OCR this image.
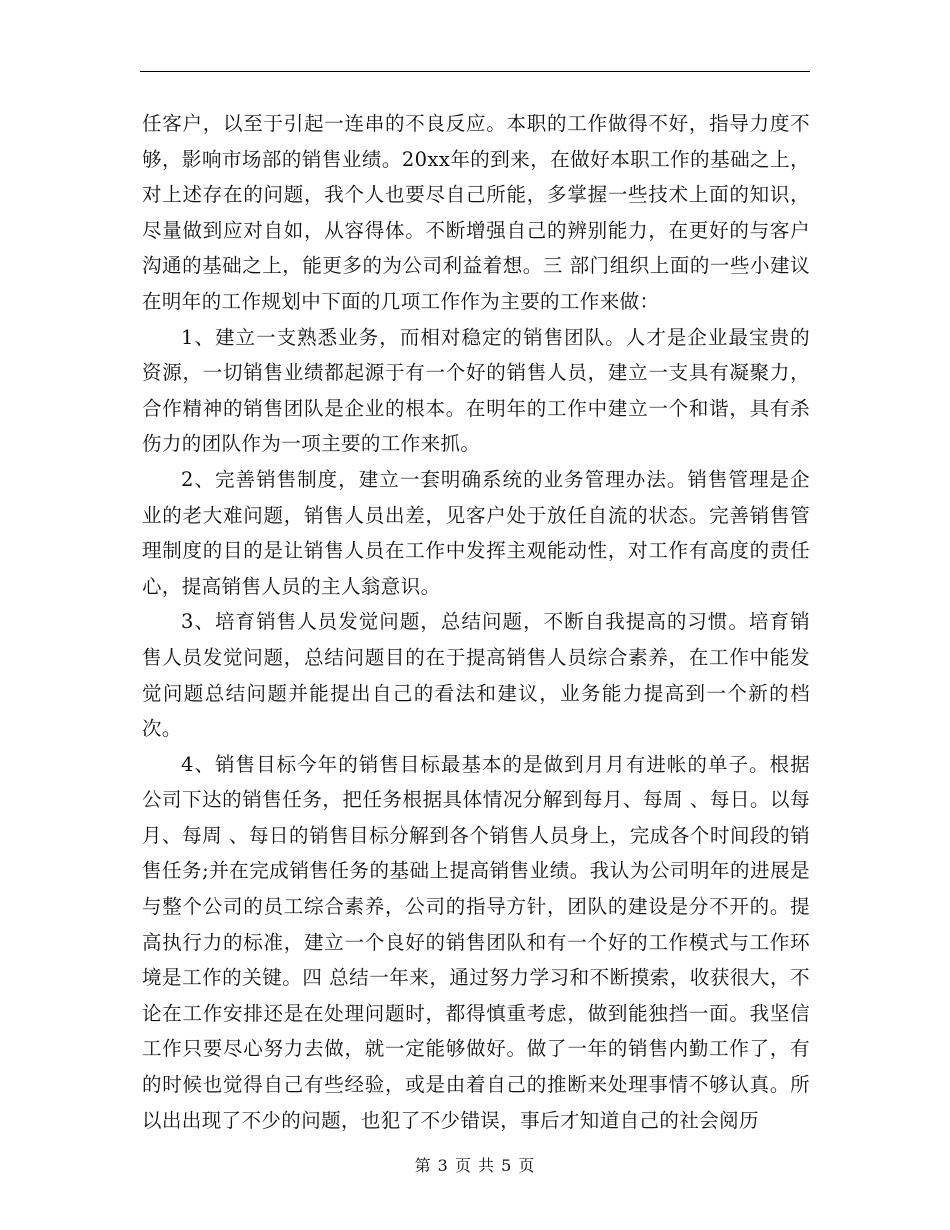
任客户，以至于引起一连串的不良反应。本职的工作做得不好，指导力度不够，影响市场部的销售业绩。20xx年的到来，在做好本职工作的基础之上，对上述存在的问题，我个人也要尽自己所能，多掌握一些技术上面的知识，尽量做到应对自如，从容得体。不断增强自己的辨别能力，在更好的与客户沟通的基础之上，能更多的为公司利益着想。三 部门组织上面的一些小建议在明年的工作规划中下面的几项工作作为主要的工作来做：

1、建立一支熟悉业务，而相对稳定的销售团队。人才是企业最宝贵的资源，一切销售业绩都起源于有一个好的销售人员，建立一支具有凝聚力，合作精神的销售团队是企业的根本。在明年的工作中建立一个和谐，具有杀伤力的团队作为一项主要的工作来抓。

2、完善销售制度，建立一套明确系统的业务管理办法。销售管理是企业的老大难问题，销售人员出差，见客户处于放任自流的状态。完善销售管理制度的目的是让销售人员在工作中发挥主观能动性，对工作有高度的责任心，提高销售人员的主人翁意识。

3、培育销售人员发觉问题，总结问题，不断自我提高的习惯。培育销售人员发觉问题，总结问题目的在于提高销售人员综合素养，在工作中能发觉问题总结问题并能提出自己的看法和建议，业务能力提高到一个新的档次。

4、销售目标今年的销售目标最基本的是做到月月有进帐的单子。根据公司下达的销售任务，把任务根据具体情况分解到每月、每周 、每日。以每月、每周 、每日的销售目标分解到各个销售人员身上，完成各个时间段的销售任务;并在完成销售任务的基础上提高销售业绩。我认为公司明年的进展是与整个公司的员工综合素养，公司的指导方针，团队的建设是分不开的。提高执行力的标准，建立一个良好的销售团队和有一个好的工作模式与工作环境是工作的关键。四 总结一年来，通过努力学习和不断摸索，收获很大，不论在工作安排还是在处理问题时，都得慎重考虑，做到能独挡一面。我坚信工作只要尽心努力去做，就一定能够做好。做了一年的销售内勤工作了，有的时候也觉得自己有些经验，或是由着自己的推断来处理事情不够认真。所以出出现了不少的问题，也犯了不少错误，事后才知道自己的社会阅历

第 3 页 共 5 页
